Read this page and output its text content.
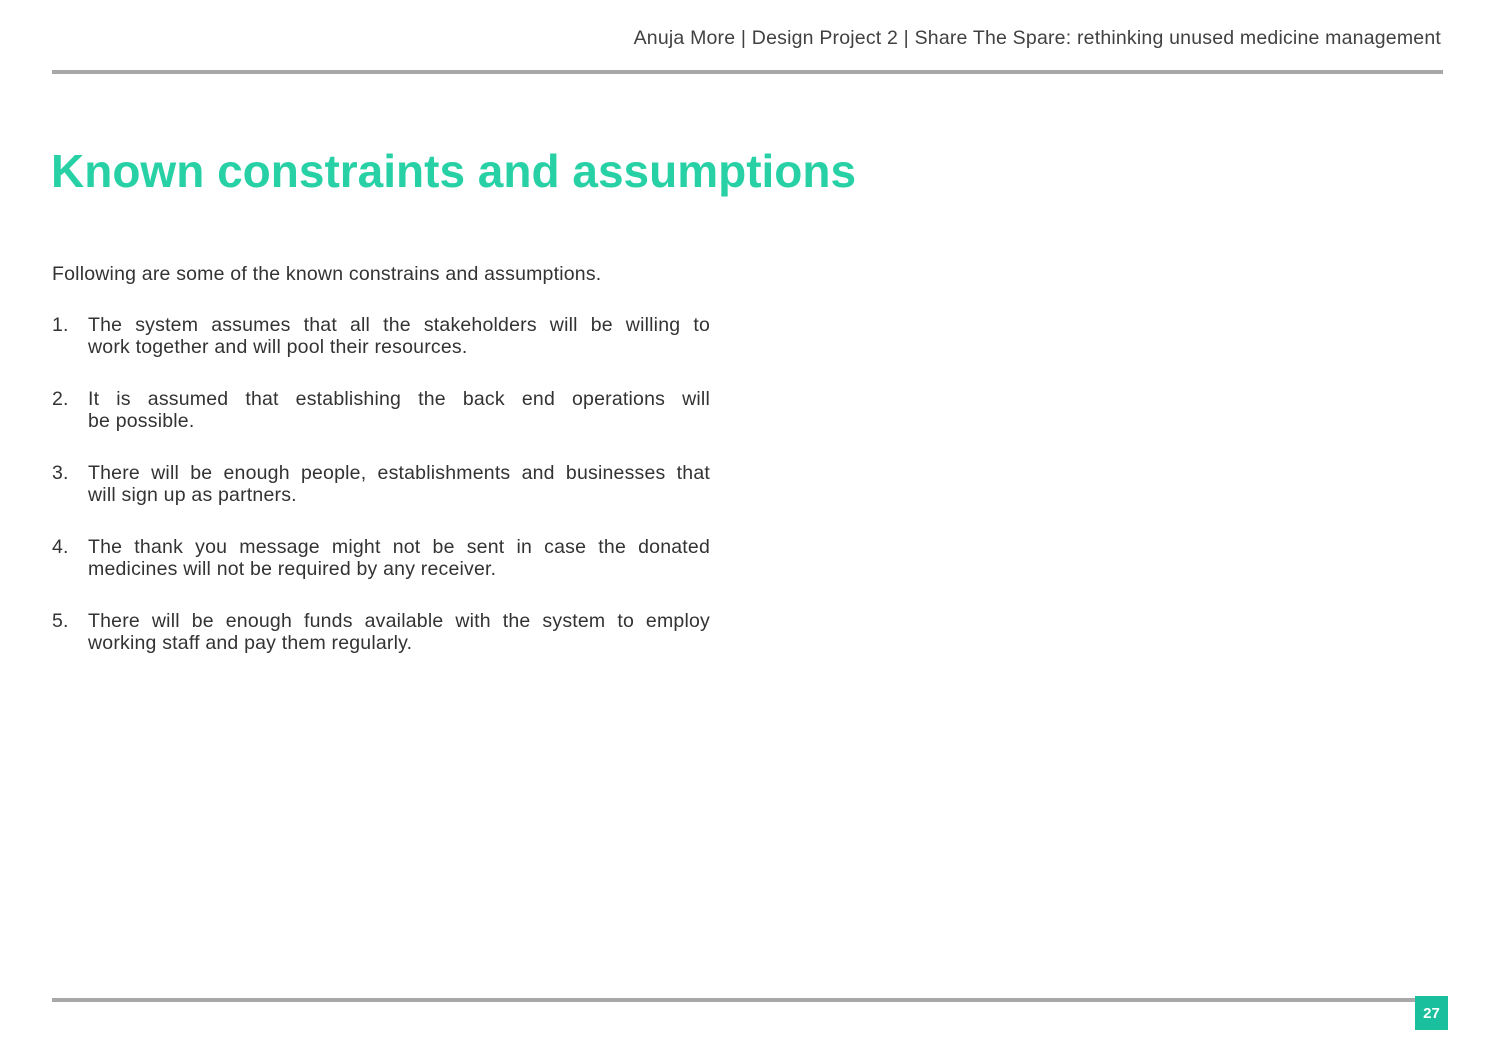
Anuja More | Design Project 2 | Share The Spare: rethinking unused medicine management
Known constraints and assumptions

Following are some of the known constrains and assumptions.

1. The system assumes that all the stakeholders will be willing to
work together and will pool their resources.
2. It is assumed that establishing the back end operations will
be possible.
3. There will be enough people, establishments and businesses that
will sign up as partners.
4. The thank you message might not be sent in case the donated
medicines will not be required by any receiver.
5. There will be enough funds available with the system to employ
working staff and pay them regularly.
27
